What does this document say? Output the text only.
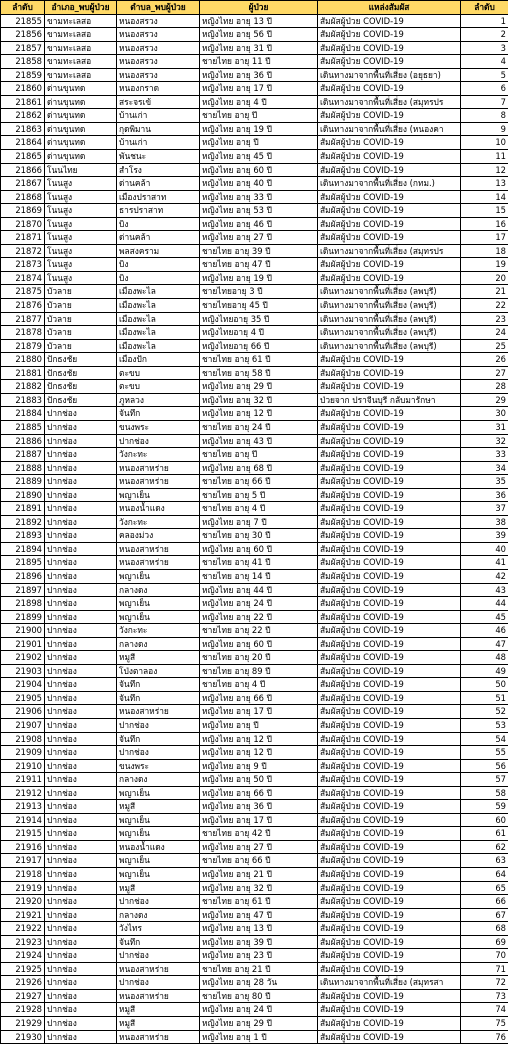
ลำดับ	อำเภอ_พบผู้ป่วย	ตำบล_พบผู้ป่วย	ผู้ป่วย	แหล่งสัมผัส	ลำดับ
21855	ขามทะเลสอ	หนองสรวง	หญิงไทย อายุ 13 ปี	สัมผัสผู้ป่วย COVID-19	1
21856	ขามทะเลสอ	หนองสรวง	หญิงไทย อายุ 56 ปี	สัมผัสผู้ป่วย COVID-19	2
21857	ขามทะเลสอ	หนองสรวง	หญิงไทย อายุ 31 ปี	สัมผัสผู้ป่วย COVID-19	3
21858	ขามทะเลสอ	หนองสรวง	ชายไทย อายุ 11 ปี	สัมผัสผู้ป่วย COVID-19	4
21859	ขามทะเลสอ	หนองสรวง	หญิงไทย อายุ 36 ปี	เดินทางมาจากพื้นที่เสี่ยง (อยุธยา)	5
21860	ด่านขุนทด	หนองกราด	หญิงไทย อายุ 17 ปี	สัมผัสผู้ป่วย COVID-19	6
21861	ด่านขุนทด	สระจรเข้	หญิงไทย อายุ 4 ปี	เดินทางมาจากพื้นที่เสี่ยง (สมุทรปร	7
21862	ด่านขุนทด	บ้านเก่า	ชายไทย อายุ ปี	สัมผัสผู้ป่วย COVID-19	8
21863	ด่านขุนทด	กุดพิมาน	หญิงไทย อายุ 19 ปี	เดินทางมาจากพื้นที่เสี่ยง (หนองคา	9
21864	ด่านขุนทด	บ้านเก่า	หญิงไทย อายุ ปี	สัมผัสผู้ป่วย COVID-19	10
21865	ด่านขุนทด	พันชนะ	หญิงไทย อายุ 45 ปี	สัมผัสผู้ป่วย COVID-19	11
21866	โนนไทย	สำโรง	หญิงไทย อายุ 60 ปี	สัมผัสผู้ป่วย COVID-19	12
21867	โนนสูง	ด่านคล้า	หญิงไทย อายุ 40 ปี	เดินทางมาจากพื้นที่เสี่ยง (กทม.)	13
21868	โนนสูง	เมืองปราสาท	หญิงไทย อายุ 33 ปี	สัมผัสผู้ป่วย COVID-19	14
21869	โนนสูง	ธารปราสาท	หญิงไทย อายุ 53 ปี	สัมผัสผู้ป่วย COVID-19	15
21870	โนนสูง	บิง	หญิงไทย อายุ 46 ปี	สัมผัสผู้ป่วย COVID-19	16
21871	โนนสูง	ด่านคล้า	หญิงไทย อายุ 27 ปี	สัมผัสผู้ป่วย COVID-19	17
21872	โนนสูง	พลสงคราม	ชายไทย อายุ 39 ปี	เดินทางมาจากพื้นที่เสี่ยง (สมุทรปร	18
21873	โนนสูง	บิง	ชายไทย อายุ 47 ปี	สัมผัสผู้ป่วย COVID-19	19
21874	โนนสูง	บิง	หญิงไทย อายุ 19 ปี	สัมผัสผู้ป่วย COVID-19	20
21875	บัวลาย	เมืองพะไล	ชายไทยอายุ 3 ปี	เดินทางมาจากพื้นที่เสี่ยง (ลพบุรี)	21
21876	บัวลาย	เมืองพะไล	ชายไทยอายุ 45 ปี	เดินทางมาจากพื้นที่เสี่ยง (ลพบุรี)	22
21877	บัวลาย	เมืองพะไล	หญิงไทยอายุ 35 ปี	เดินทางมาจากพื้นที่เสี่ยง (ลพบุรี)	23
21878	บัวลาย	เมืองพะไล	หญิงไทยอายุ 4 ปี	เดินทางมาจากพื้นที่เสี่ยง (ลพบุรี)	24
21879	บัวลาย	เมืองพะไล	หญิงไทยอายุ 66 ปี	เดินทางมาจากพื้นที่เสี่ยง (ลพบุรี)	25
21880	ปักธงชัย	เมืองปัก	ชายไทย อายุ 61 ปี	สัมผัสผู้ป่วย COVID-19	26
21881	ปักธงชัย	ตะขบ	ชายไทย อายุ 58 ปี	สัมผัสผู้ป่วย COVID-19	27
21882	ปักธงชัย	ตะขบ	หญิงไทย อายุ 29 ปี	สัมผัสผู้ป่วย COVID-19	28
21883	ปักธงชัย	ภูหลวง	หญิงไทย อายุ 32 ปี	ป่วยจาก ปราจีนบุรี กลับมารักษา	29
21884	ปากช่อง	จันทึก	หญิงไทย อายุ 12 ปี	สัมผัสผู้ป่วย COVID-19	30
21885	ปากช่อง	ขนงพระ	ชายไทย อายุ 24 ปี	สัมผัสผู้ป่วย COVID-19	31
21886	ปากช่อง	ปากช่อง	หญิงไทย อายุ 43 ปี	สัมผัสผู้ป่วย COVID-19	32
21887	ปากช่อง	วังกะทะ	ชายไทย อายุ ปี	สัมผัสผู้ป่วย COVID-19	33
21888	ปากช่อง	หนองสาหร่าย	หญิงไทย อายุ 68 ปี	สัมผัสผู้ป่วย COVID-19	34
21889	ปากช่อง	หนองสาหร่าย	ชายไทย อายุ 66 ปี	สัมผัสผู้ป่วย COVID-19	35
21890	ปากช่อง	พญาเย็น	ชายไทย อายุ 5 ปี	สัมผัสผู้ป่วย COVID-19	36
21891	ปากช่อง	หนองน้ำแดง	ชายไทย อายุ 4 ปี	สัมผัสผู้ป่วย COVID-19	37
21892	ปากช่อง	วังกะทะ	หญิงไทย อายุ 7 ปี	สัมผัสผู้ป่วย COVID-19	38
21893	ปากช่อง	คลองม่วง	ชายไทย อายุ 30 ปี	สัมผัสผู้ป่วย COVID-19	39
21894	ปากช่อง	หนองสาหร่าย	หญิงไทย อายุ 60 ปี	สัมผัสผู้ป่วย COVID-19	40
21895	ปากช่อง	หนองสาหร่าย	ชายไทย อายุ 41 ปี	สัมผัสผู้ป่วย COVID-19	41
21896	ปากช่อง	พญาเย็น	ชายไทย อายุ 14 ปี	สัมผัสผู้ป่วย COVID-19	42
21897	ปากช่อง	กลางดง	หญิงไทย อายุ 44 ปี	สัมผัสผู้ป่วย COVID-19	43
21898	ปากช่อง	พญาเย็น	หญิงไทย อายุ 24 ปี	สัมผัสผู้ป่วย COVID-19	44
21899	ปากช่อง	พญาเย็น	หญิงไทย อายุ 22 ปี	สัมผัสผู้ป่วย COVID-19	45
21900	ปากช่อง	วังกะทะ	ชายไทย อายุ 22 ปี	สัมผัสผู้ป่วย COVID-19	46
21901	ปากช่อง	กลางดง	หญิงไทย อายุ 60 ปี	สัมผัสผู้ป่วย COVID-19	47
21902	ปากช่อง	หมูสี	ชายไทย อายุ 20 ปี	สัมผัสผู้ป่วย COVID-19	48
21903	ปากช่อง	โป่งตาลอง	ชายไทย อายุ 89 ปี	สัมผัสผู้ป่วย COVID-19	49
21904	ปากช่อง	จันทึก	ชายไทย อายุ 4 ปี	สัมผัสผู้ป่วย COVID-19	50
21905	ปากช่อง	จันทึก	หญิงไทย อายุ 66 ปี	สัมผัสผู้ป่วย COVID-19	51
21906	ปากช่อง	หนองสาหร่าย	หญิงไทย อายุ 17 ปี	สัมผัสผู้ป่วย COVID-19	52
21907	ปากช่อง	ปากช่อง	หญิงไทย อายุ ปี	สัมผัสผู้ป่วย COVID-19	53
21908	ปากช่อง	จันทึก	หญิงไทย อายุ 12 ปี	สัมผัสผู้ป่วย COVID-19	54
21909	ปากช่อง	ปากช่อง	หญิงไทย อายุ 12 ปี	สัมผัสผู้ป่วย COVID-19	55
21910	ปากช่อง	ขนงพระ	หญิงไทย อายุ 9 ปี	สัมผัสผู้ป่วย COVID-19	56
21911	ปากช่อง	กลางดง	หญิงไทย อายุ 50 ปี	สัมผัสผู้ป่วย COVID-19	57
21912	ปากช่อง	พญาเย็น	หญิงไทย อายุ 66 ปี	สัมผัสผู้ป่วย COVID-19	58
21913	ปากช่อง	หมูสี	หญิงไทย อายุ 36 ปี	สัมผัสผู้ป่วย COVID-19	59
21914	ปากช่อง	พญาเย็น	หญิงไทย อายุ 17 ปี	สัมผัสผู้ป่วย COVID-19	60
21915	ปากช่อง	พญาเย็น	ชายไทย อายุ 42 ปี	สัมผัสผู้ป่วย COVID-19	61
21916	ปากช่อง	หนองน้ำแดง	หญิงไทย อายุ 27 ปี	สัมผัสผู้ป่วย COVID-19	62
21917	ปากช่อง	พญาเย็น	ชายไทย อายุ 66 ปี	สัมผัสผู้ป่วย COVID-19	63
21918	ปากช่อง	พญาเย็น	หญิงไทย อายุ 21 ปี	สัมผัสผู้ป่วย COVID-19	64
21919	ปากช่อง	หมูสี	หญิงไทย อายุ 32 ปี	สัมผัสผู้ป่วย COVID-19	65
21920	ปากช่อง	ปากช่อง	ชายไทย อายุ 61 ปี	สัมผัสผู้ป่วย COVID-19	66
21921	ปากช่อง	กลางดง	หญิงไทย อายุ 47 ปี	สัมผัสผู้ป่วย COVID-19	67
21922	ปากช่อง	วังไทร	หญิงไทย อายุ 13 ปี	สัมผัสผู้ป่วย COVID-19	68
21923	ปากช่อง	จันทึก	หญิงไทย อายุ 39 ปี	สัมผัสผู้ป่วย COVID-19	69
21924	ปากช่อง	ปากช่อง	หญิงไทย อายุ 23 ปี	สัมผัสผู้ป่วย COVID-19	70
21925	ปากช่อง	หนองสาหร่าย	ชายไทย อายุ 21 ปี	สัมผัสผู้ป่วย COVID-19	71
21926	ปากช่อง	ปากช่อง	หญิงไทย อายุ 28 วัน	เดินทางมาจากพื้นที่เสี่ยง (สมุทรสา	72
21927	ปากช่อง	หนองสาหร่าย	ชายไทย อายุ 80 ปี	สัมผัสผู้ป่วย COVID-19	73
21928	ปากช่อง	หมูสี	หญิงไทย อายุ 24 ปี	สัมผัสผู้ป่วย COVID-19	74
21929	ปากช่อง	หมูสี	หญิงไทย อายุ 29 ปี	สัมผัสผู้ป่วย COVID-19	75
21930	ปากช่อง	หนองสาหร่าย	หญิงไทย อายุ 1 ปี	สัมผัสผู้ป่วย COVID-19	76
